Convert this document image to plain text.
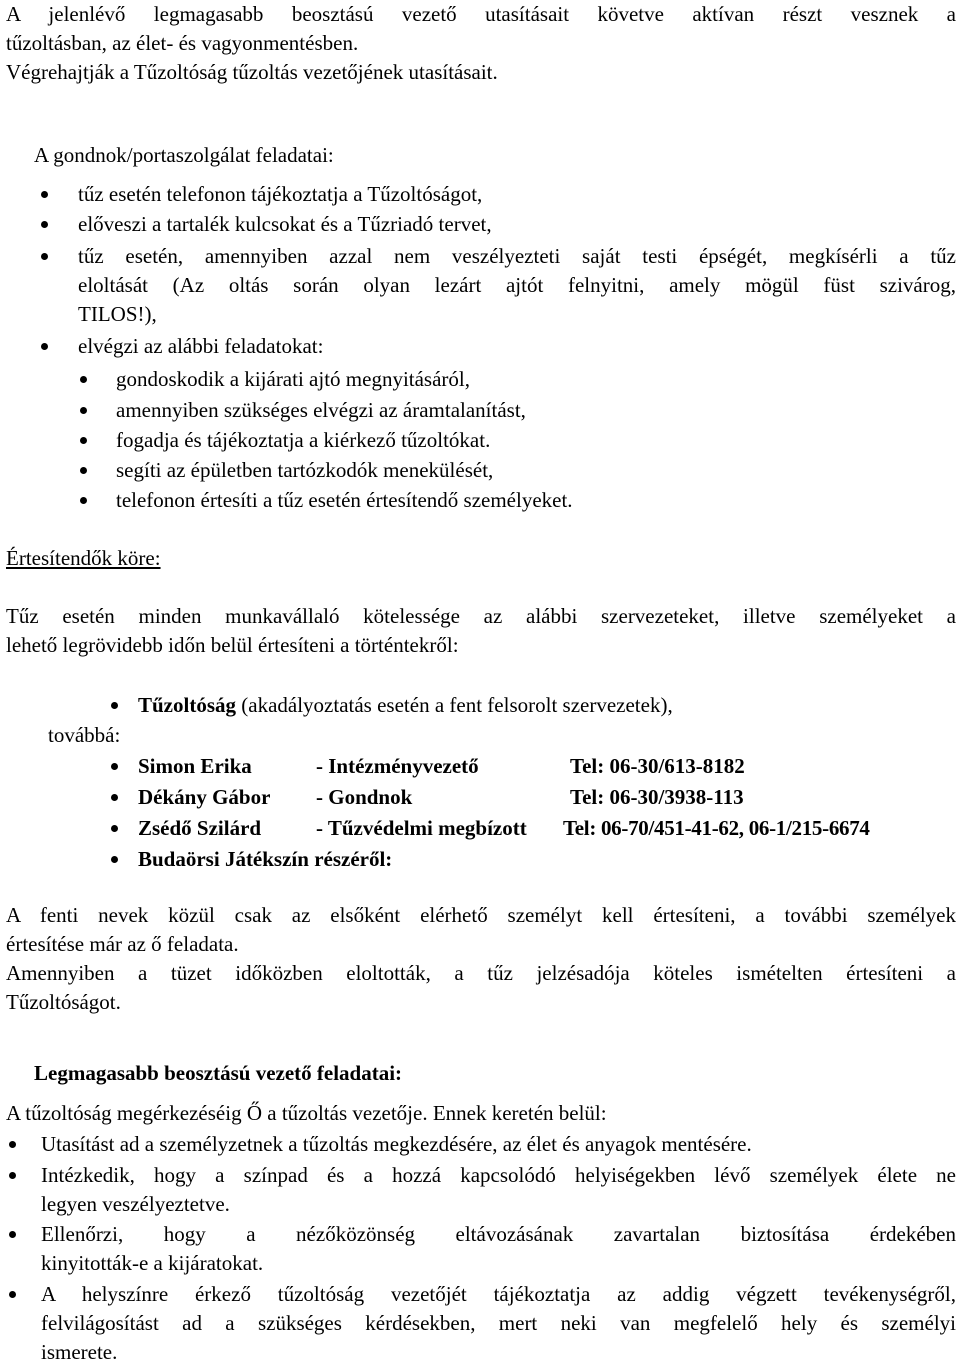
A jelenlévő legmagasabb beosztású vezető utasításait követve aktívan részt vesznek a
tűzoltásban, az élet- és vagyonmentésben.
Végrehajtják a Tűzoltóság tűzoltás vezetőjének utasításait.
A gondnok/portaszolgálat feladatai:
tűz esetén telefonon tájékoztatja a Tűzoltóságot,
előveszi a tartalék kulcsokat és a Tűzriadó tervet,
tűz esetén, amennyiben azzal nem veszélyezteti saját testi épségét, megkísérli a tűz
eloltását (Az oltás során olyan lezárt ajtót felnyitni, amely mögül füst szivárog,
TILOS!),
elvégzi az alábbi feladatokat:
gondoskodik a kijárati ajtó megnyitásáról,
amennyiben szükséges elvégzi az áramtalanítást,
fogadja és tájékoztatja a kiérkező tűzoltókat.
segíti az épületben tartózkodók menekülését,
telefonon értesíti a tűz esetén értesítendő személyeket.
Értesítendők köre:
Tűz esetén minden munkavállaló kötelessége az alábbi szervezeteket, illetve személyeket a
lehető legrövidebb időn belül értesíteni a történtekről:
Tűzoltóság (akadályoztatás esetén a fent felsorolt szervezetek),
továbbá:
Simon Erika	- Intézményvezető	Tel: 06-30/613-8182
Dékány Gábor - Gondnok	Tel: 06-30/3938-113
Zsédő Szilárd	- Tűzvédelmi megbízott Tel: 06-70/451-41-62, 06-1/215-6674
Budaörsi Játékszín részéről:
A fenti nevek közül csak az elsőként elérhető személyt kell értesíteni, a további személyek
értesítése már az ő feladata.
Amennyiben a tüzet időközben eloltották, a tűz jelzésadója köteles ismételten értesíteni a
Tűzoltóságot.
Legmagasabb beosztású vezető feladatai:
A tűzoltóság megérkezéséig Ő a tűzoltás vezetője. Ennek keretén belül:
Utasítást ad a személyzetnek a tűzoltás megkezdésére, az élet és anyagok mentésére.
Intézkedik, hogy a színpad és a hozzá kapcsolódó helyiségekben lévő személyek élete ne
legyen veszélyeztetve.
Ellenőrzi, hogy a nézőközönség eltávozásának zavartalan biztosítása érdekében
kinyitották-e a kijáratokat.
A helyszínre érkező tűzoltóság vezetőjét tájékoztatja az addig végzett tevékenységről,
felvilágosítást ad a szükséges kérdésekben, mert neki van megfelelő hely és személyi
ismerete.
